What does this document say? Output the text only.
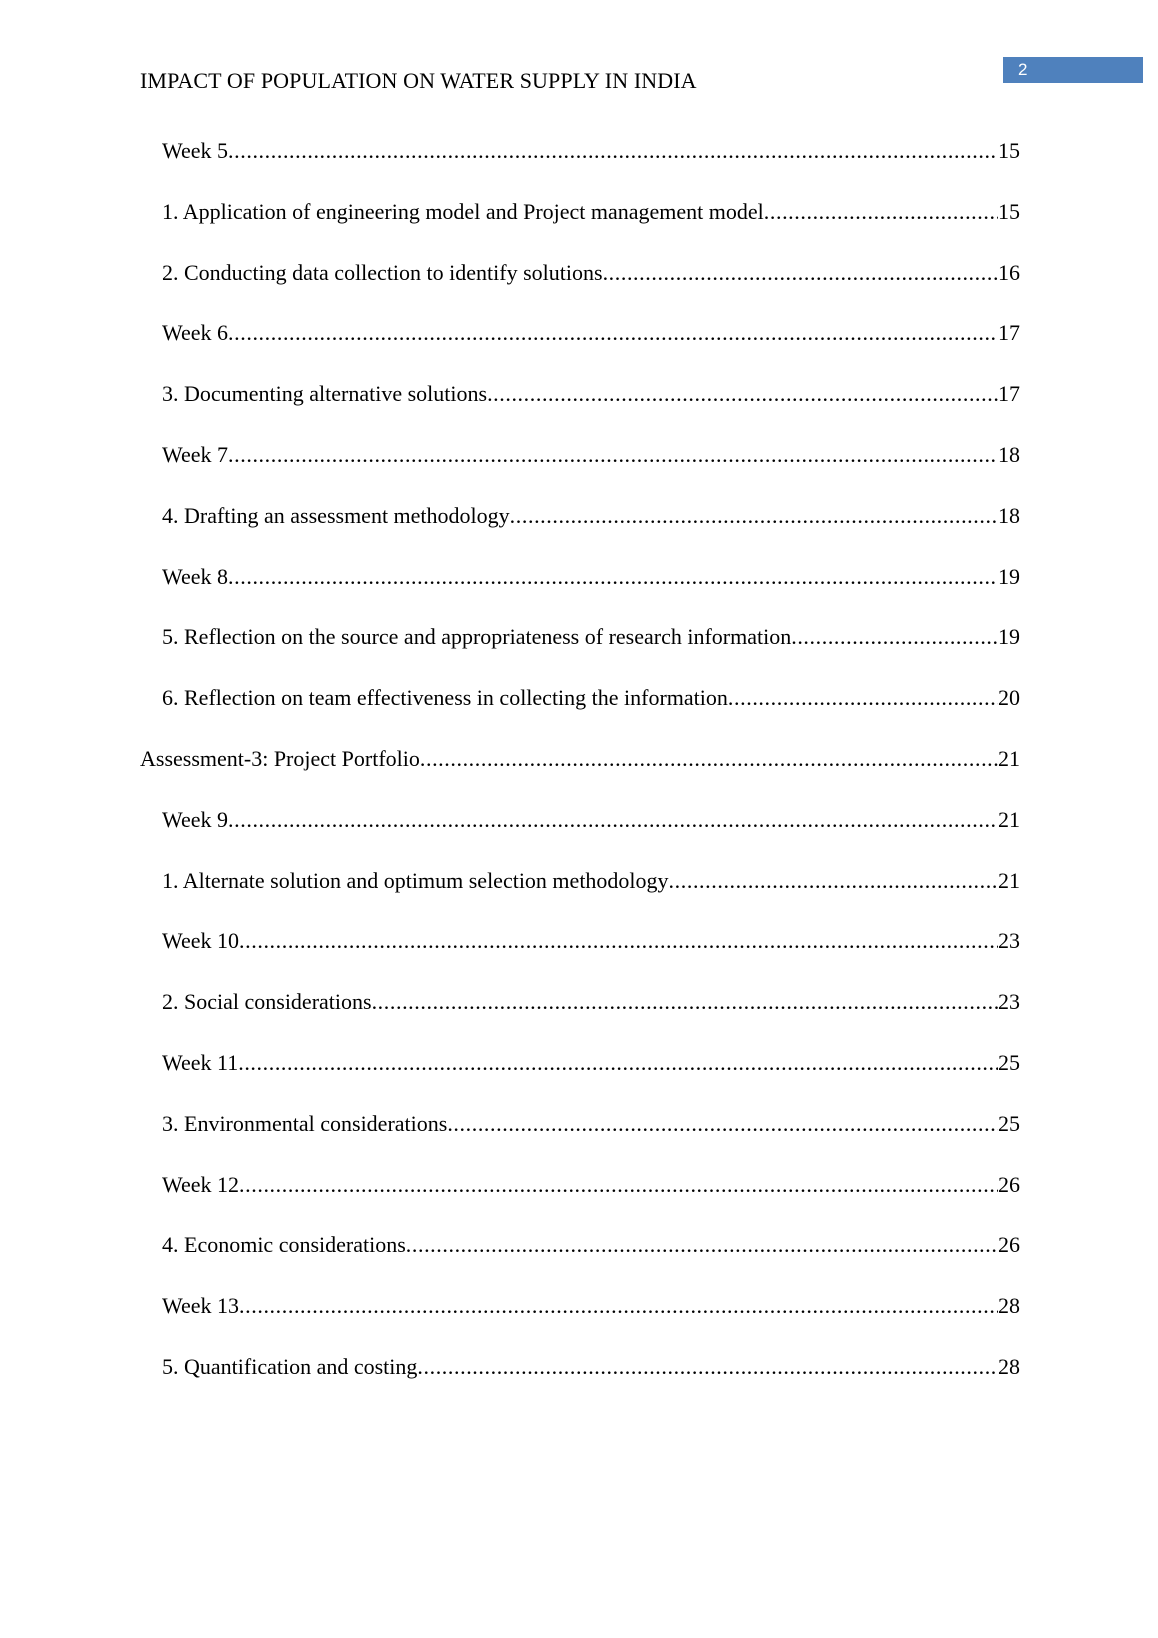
2
IMPACT OF POPULATION ON WATER SUPPLY IN INDIA
Week 5 .....	15
1. Application of engineering model and Project management model .....	15
2. Conducting data collection to identify solutions .....	16
Week 6 .....	17
3. Documenting alternative solutions .....	17
Week 7 .....	18
4. Drafting an assessment methodology .....	18
Week 8 .....	19
5. Reflection on the source and appropriateness of research information .....	19
6. Reflection on team effectiveness in collecting the information .....	20
Assessment-3: Project Portfolio .....	21
Week 9 .....	21
1. Alternate solution and optimum selection methodology .....	21
Week 10 .....	23
2. Social considerations .....	23
Week 11 .....	25
3. Environmental considerations .....	25
Week 12 .....	26
4. Economic considerations .....	26
Week 13 .....	28
5. Quantification and costing .....	28
